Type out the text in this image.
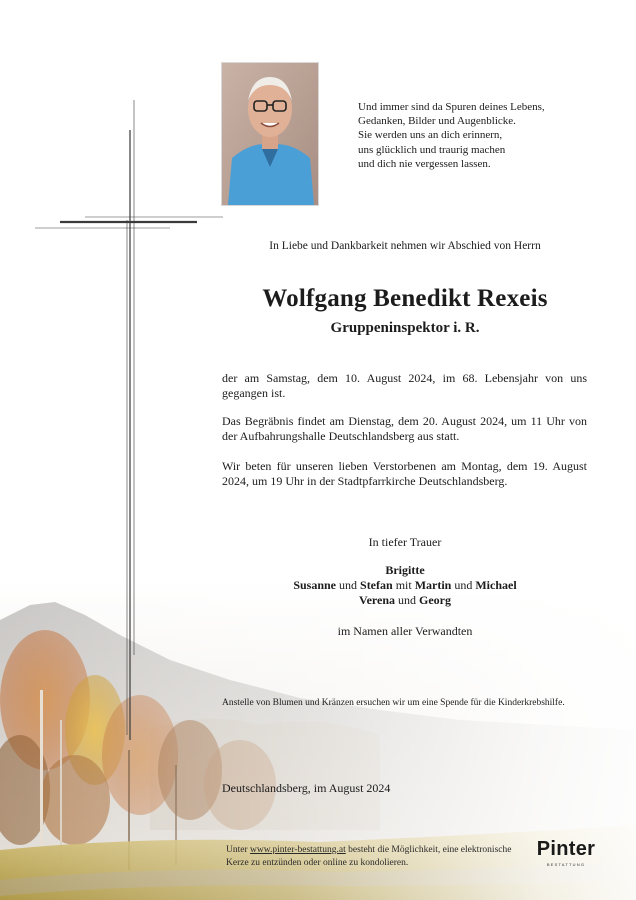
Und immer sind da Spuren deines Lebens,
Gedanken, Bilder und Augenblicke.
Sie werden uns an dich erinnern,
uns glücklich und traurig machen
und dich nie vergessen lassen.
In Liebe und Dankbarkeit nehmen wir Abschied von Herrn
Wolfgang Benedikt Rexeis
Gruppeninspektor i. R.
der am Samstag, dem 10. August 2024, im 68. Lebensjahr von uns gegangen ist.
Das Begräbnis findet am Dienstag, dem 20. August 2024, um 11 Uhr von der Aufbahrungshalle Deutschlandsberg aus statt.
Wir beten für unseren lieben Verstorbenen am Montag, dem 19. August 2024, um 19 Uhr in der Stadtpfarrkirche Deutschlandsberg.
In tiefer Trauer
Brigitte
Susanne und Stefan mit Martin und Michael
Verena und Georg
im Namen aller Verwandten
Anstelle von Blumen und Kränzen ersuchen wir um eine Spende für die Kinderkrebshilfe.
Deutschlandsberg, im August 2024
Unter www.pinter-bestattung.at besteht die Möglichkeit, eine elektronische Kerze zu entzünden oder online zu kondolieren.
Pinter
BESTATTUNG
